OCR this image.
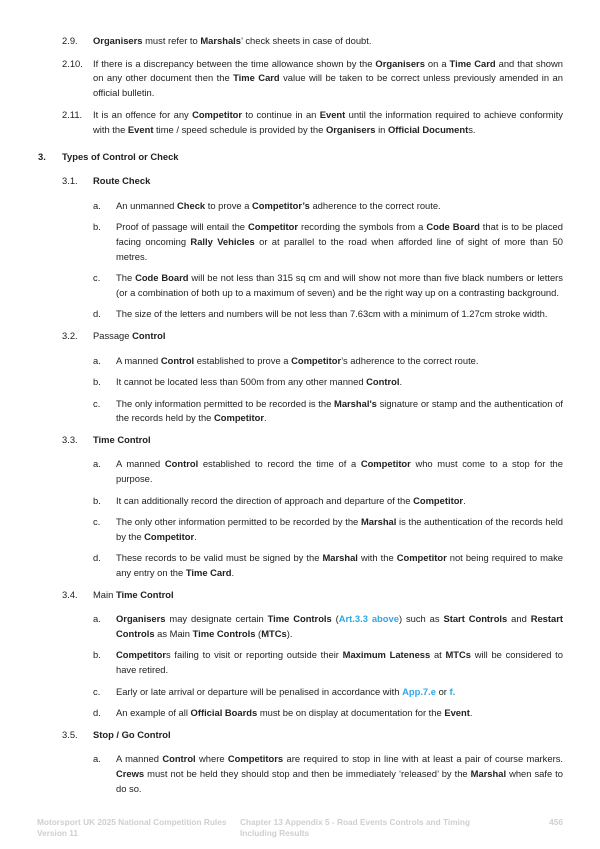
2.9. Organisers must refer to Marshals’ check sheets in case of doubt.
2.10. If there is a discrepancy between the time allowance shown by the Organisers on a Time Card and that shown on any other document then the Time Card value will be taken to be correct unless previously amended in an official bulletin.
2.11. It is an offence for any Competitor to continue in an Event until the information required to achieve conformity with the Event time / speed schedule is provided by the Organisers in Official Documents.
3. Types of Control or Check
3.1. Route Check
a. An unmanned Check to prove a Competitor’s adherence to the correct route.
b. Proof of passage will entail the Competitor recording the symbols from a Code Board that is to be placed facing oncoming Rally Vehicles or at parallel to the road when afforded line of sight of more than 50 metres.
c. The Code Board will be not less than 315 sq cm and will show not more than five black numbers or letters (or a combination of both up to a maximum of seven) and be the right way up on a contrasting background.
d. The size of the letters and numbers will be not less than 7.63cm with a minimum of 1.27cm stroke width.
3.2. Passage Control
a. A manned Control established to prove a Competitor’s adherence to the correct route.
b. It cannot be located less than 500m from any other manned Control.
c. The only information permitted to be recorded is the Marshal's signature or stamp and the authentication of the records held by the Competitor.
3.3. Time Control
a. A manned Control established to record the time of a Competitor who must come to a stop for the purpose.
b. It can additionally record the direction of approach and departure of the Competitor.
c. The only other information permitted to be recorded by the Marshal is the authentication of the records held by the Competitor.
d. These records to be valid must be signed by the Marshal with the Competitor not being required to make any entry on the Time Card.
3.4. Main Time Control
a. Organisers may designate certain Time Controls (Art.3.3 above) such as Start Controls and Restart Controls as Main Time Controls (MTCs).
b. Competitors failing to visit or reporting outside their Maximum Lateness at MTCs will be considered to have retired.
c. Early or late arrival or departure will be penalised in accordance with App.7.e or f.
d. An example of all Official Boards must be on display at documentation for the Event.
3.5. Stop / Go Control
a. A manned Control where Competitors are required to stop in line with at least a pair of course markers. Crews must not be held they should stop and then be immediately ‘released’ by the Marshal when safe to do so.
Motorsport UK 2025 National Competition Rules Version 11
Chapter 13 Appendix 5 - Road Events Controls and Timing Including Results
456
